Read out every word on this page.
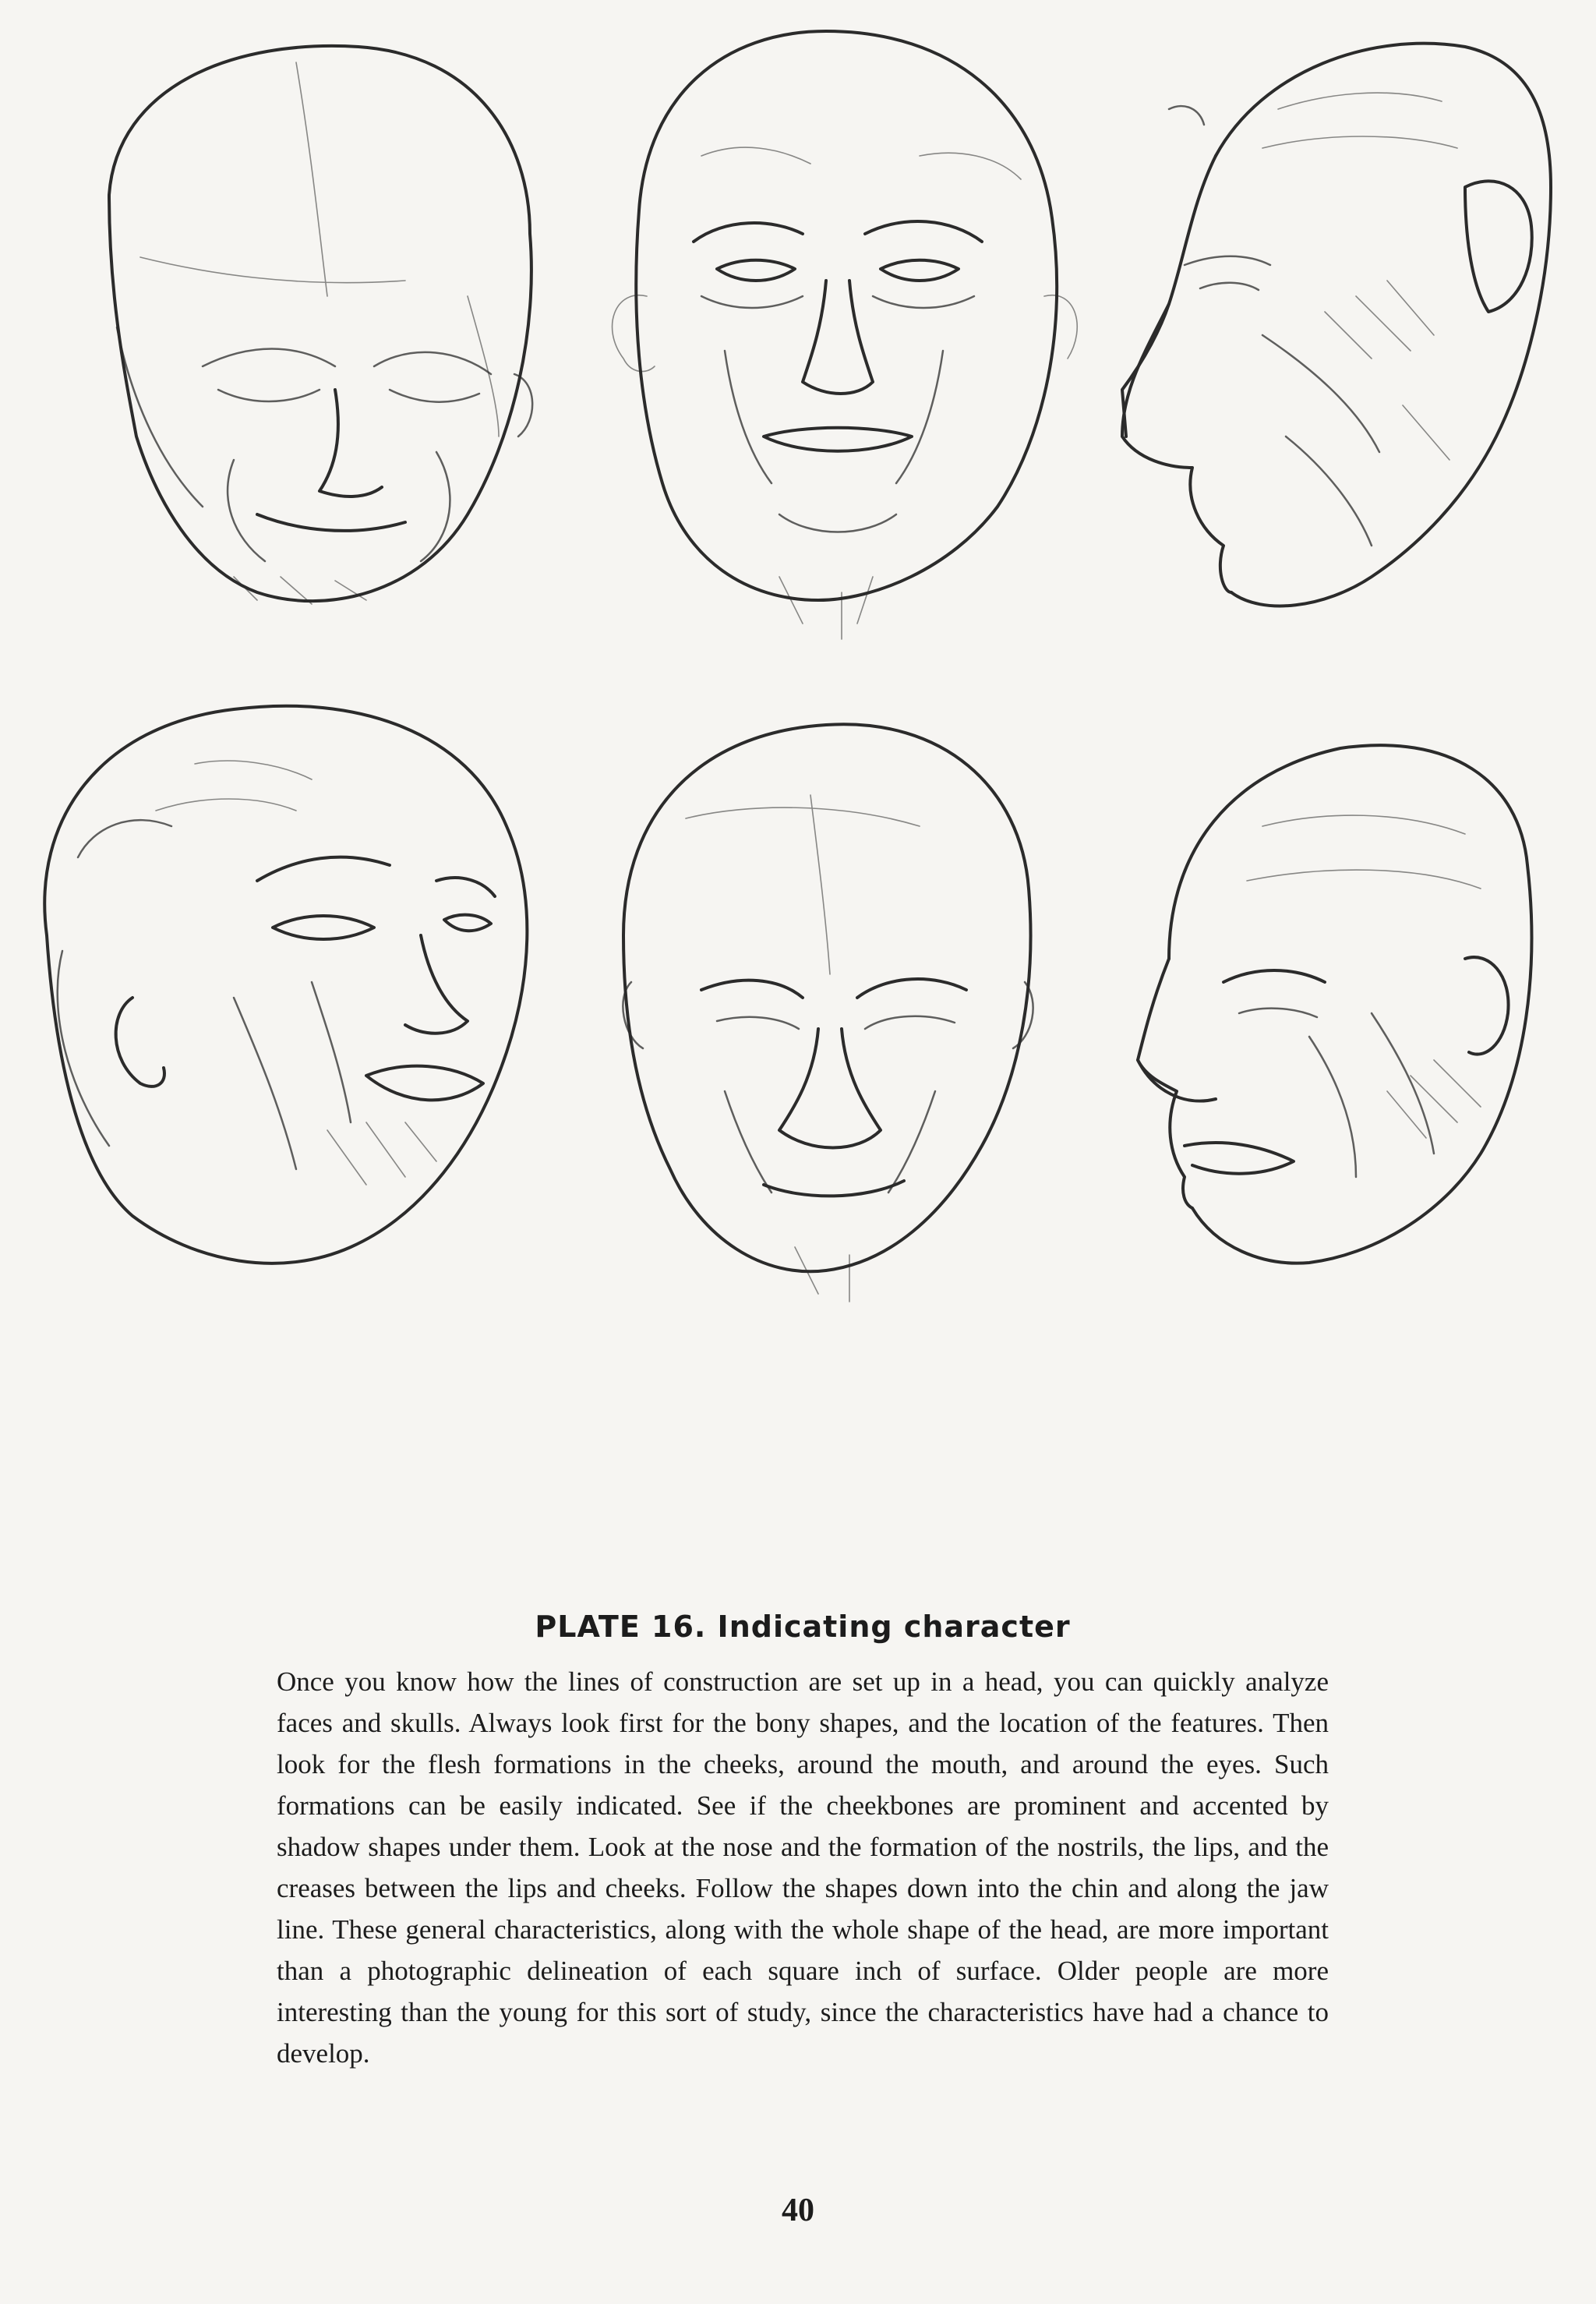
PLATE 16. Indicating character

Once you know how the lines of construction are set up in a head, you can quickly analyze faces and skulls. Always look first for the bony shapes, and the location of the features. Then look for the flesh formations in the cheeks, around the mouth, and around the eyes. Such formations can be easily indicated. See if the cheekbones are prominent and accented by shadow shapes under them. Look at the nose and the formation of the nostrils, the lips, and the creases between the lips and cheeks. Follow the shapes down into the chin and along the jaw line. These general characteristics, along with the whole shape of the head, are more important than a photographic delineation of each square inch of surface. Older people are more interesting than the young for this sort of study, since the characteristics have had a chance to develop.

40
